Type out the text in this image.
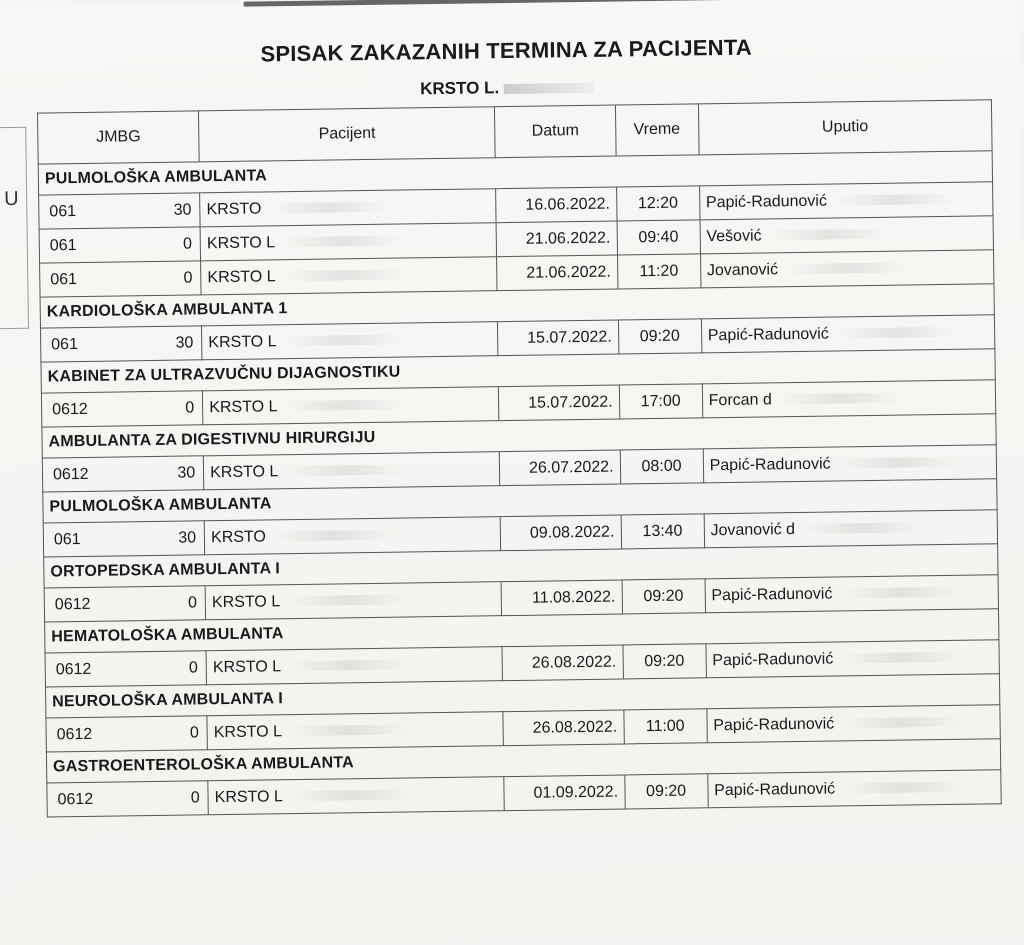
U
SPISAK ZAKAZANIH TERMINA ZA PACIJENTA
KRSTO L.
JMBG	Pacijent	Datum	Vreme	Uputio
PULMOLOŠKA AMBULANTA				

061 30	KRSTO	16.06.2022.	12:20	Papić-Radunović

061 0	KRSTO L	21.06.2022.	09:40	Vešović

061 0	KRSTO L	21.06.2022.	11:20	Jovanović
KARDIOLOŠKA AMBULANTA 1				

061 30	KRSTO L	15.07.2022.	09:20	Papić-Radunović
KABINET ZA ULTRAZVUČNU DIJAGNOSTIKU				

0612 0	KRSTO L	15.07.2022.	17:00	Forcan d
AMBULANTA ZA DIGESTIVNU HIRURGIJU				

0612 30	KRSTO L	26.07.2022.	08:00	Papić-Radunović
PULMOLOŠKA AMBULANTA				

061 30	KRSTO	09.08.2022.	13:40	Jovanović d
ORTOPEDSKA AMBULANTA I				

0612 0	KRSTO L	11.08.2022.	09:20	Papić-Radunović
HEMATOLOŠKA AMBULANTA				

0612 0	KRSTO L	26.08.2022.	09:20	Papić-Radunović
NEUROLOŠKA AMBULANTA I				

0612 0	KRSTO L	26.08.2022.	11:00	Papić-Radunović
GASTROENTEROLOŠKA AMBULANTA				

0612 0	KRSTO L	01.09.2022.	09:20	Papić-Radunović
